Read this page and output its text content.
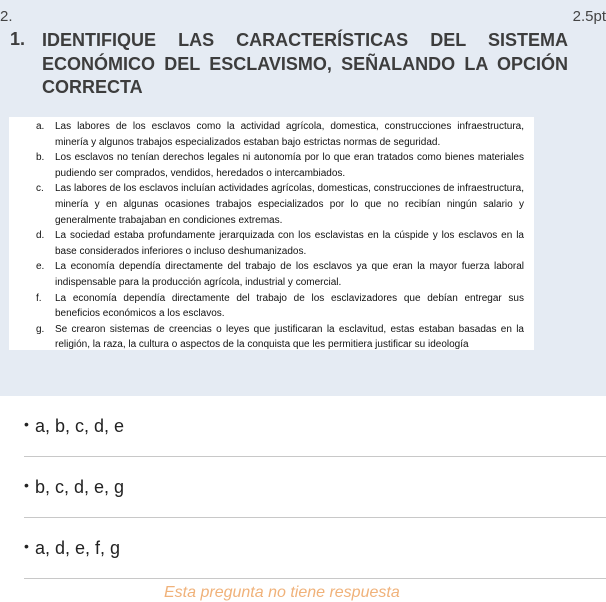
2.	2.5pt
1. IDENTIFIQUE LAS CARACTERÍSTICAS DEL SISTEMA ECONÓMICO DEL ESCLAVISMO, SEÑALANDO LA OPCIÓN CORRECTA
a. Las labores de los esclavos como la actividad agrícola, domestica, construcciones infraestructura, minería y algunos trabajos especializados estaban bajo estrictas normas de seguridad.
b. Los esclavos no tenían derechos legales ni autonomía por lo que eran tratados como bienes materiales pudiendo ser comprados, vendidos, heredados o intercambiados.
c. Las labores de los esclavos incluían actividades agrícolas, domesticas, construcciones de infraestructura, minería y en algunas ocasiones trabajos especializados por lo que no recibían ningún salario y generalmente trabajaban en condiciones extremas.
d. La sociedad estaba profundamente jerarquizada con los esclavistas en la cúspide y los esclavos en la base considerados inferiores o incluso deshumanizados.
e. La economía dependía directamente del trabajo de los esclavos ya que eran la mayor fuerza laboral indispensable para la producción agrícola, industrial y comercial.
f. La economía dependía directamente del trabajo de los esclavizadores que debían entregar sus beneficios económicos a los esclavos.
g. Se crearon sistemas de creencias o leyes que justificaran la esclavitud, estas estaban basadas en la religión, la raza, la cultura o aspectos de la conquista que les permitiera justificar su ideología
• a, b, c, d, e
• b, c, d, e, g
• a, d, e, f, g
Esta pregunta no tiene respuesta
